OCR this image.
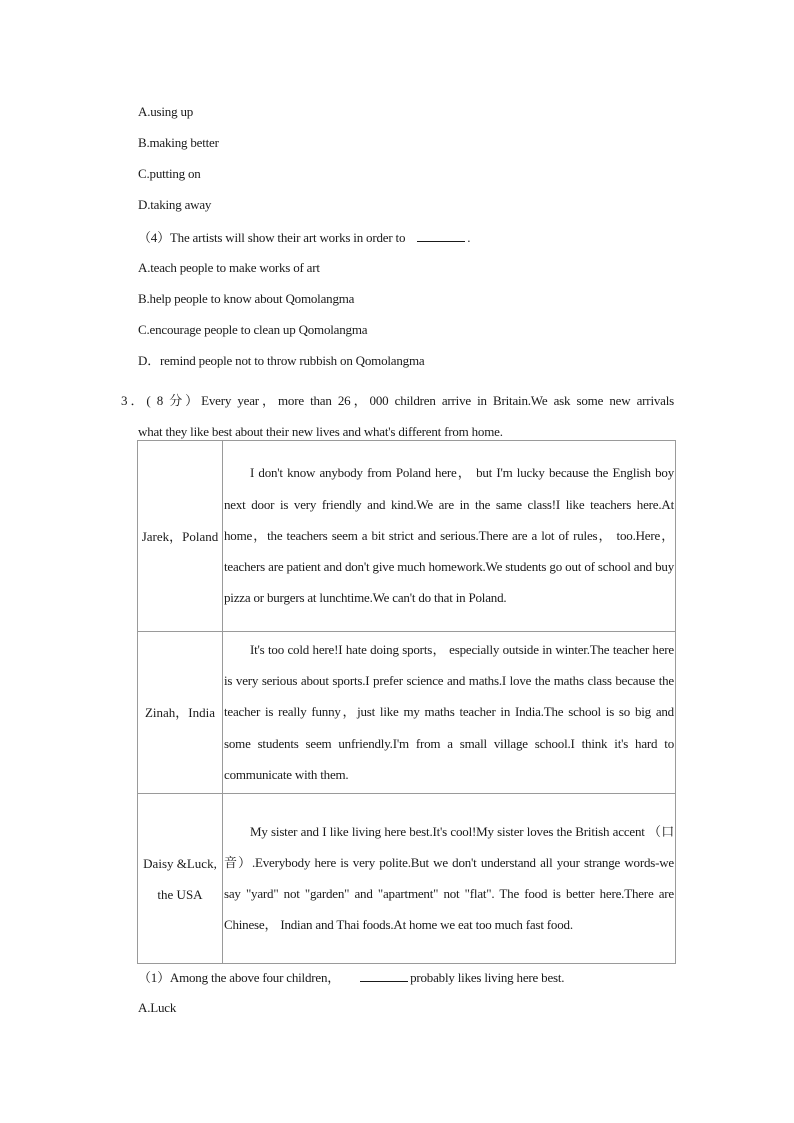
A.using up
B.making better
C.putting on
D.taking away
（4）The artists will show their art works in order to	.
A.teach people to make works of art
B.help people to know about Qomolangma
C.encourage people to clean up Qomolangma
D．remind people not to throw rubbish on Qomolangma
3．( 8 分）Every year，more than 26，000 children arrive in Britain.We ask some new arrivals
what they like best about their new lives and what's different from home.
Jarek，Poland	I don't know anybody from Poland here， but I'm lucky because the English boy next door is very friendly and kind.We are in the same class!I like teachers here.At home，the teachers seem a bit strict and serious.There are a lot of rules， too.Here， teachers are patient and don't give much homework.We students go out of school and buy pizza or burgers at lunchtime.We can't do that in Poland.
Zinah，India	It's too cold here!I hate doing sports， especially outside in winter.The teacher here is very serious about sports.I prefer science and maths.I love the maths class because the teacher is really funny，just like my maths teacher in India.The school is so big and some students seem unfriendly.I'm from a small village school.I think it's hard to communicate with them.
Daisy &Luck, the USA	My sister and I like living here best.It's cool!My sister loves the British accent （口音）.Everybody here is very polite.But we don't understand all your strange words-we say "yard" not "garden" and "apartment" not "flat". The food is better here.There are Chinese， Indian and Thai foods.At home we eat too much fast food.
（1）Among the above four children，	probably likes living here best.
A.Luck
